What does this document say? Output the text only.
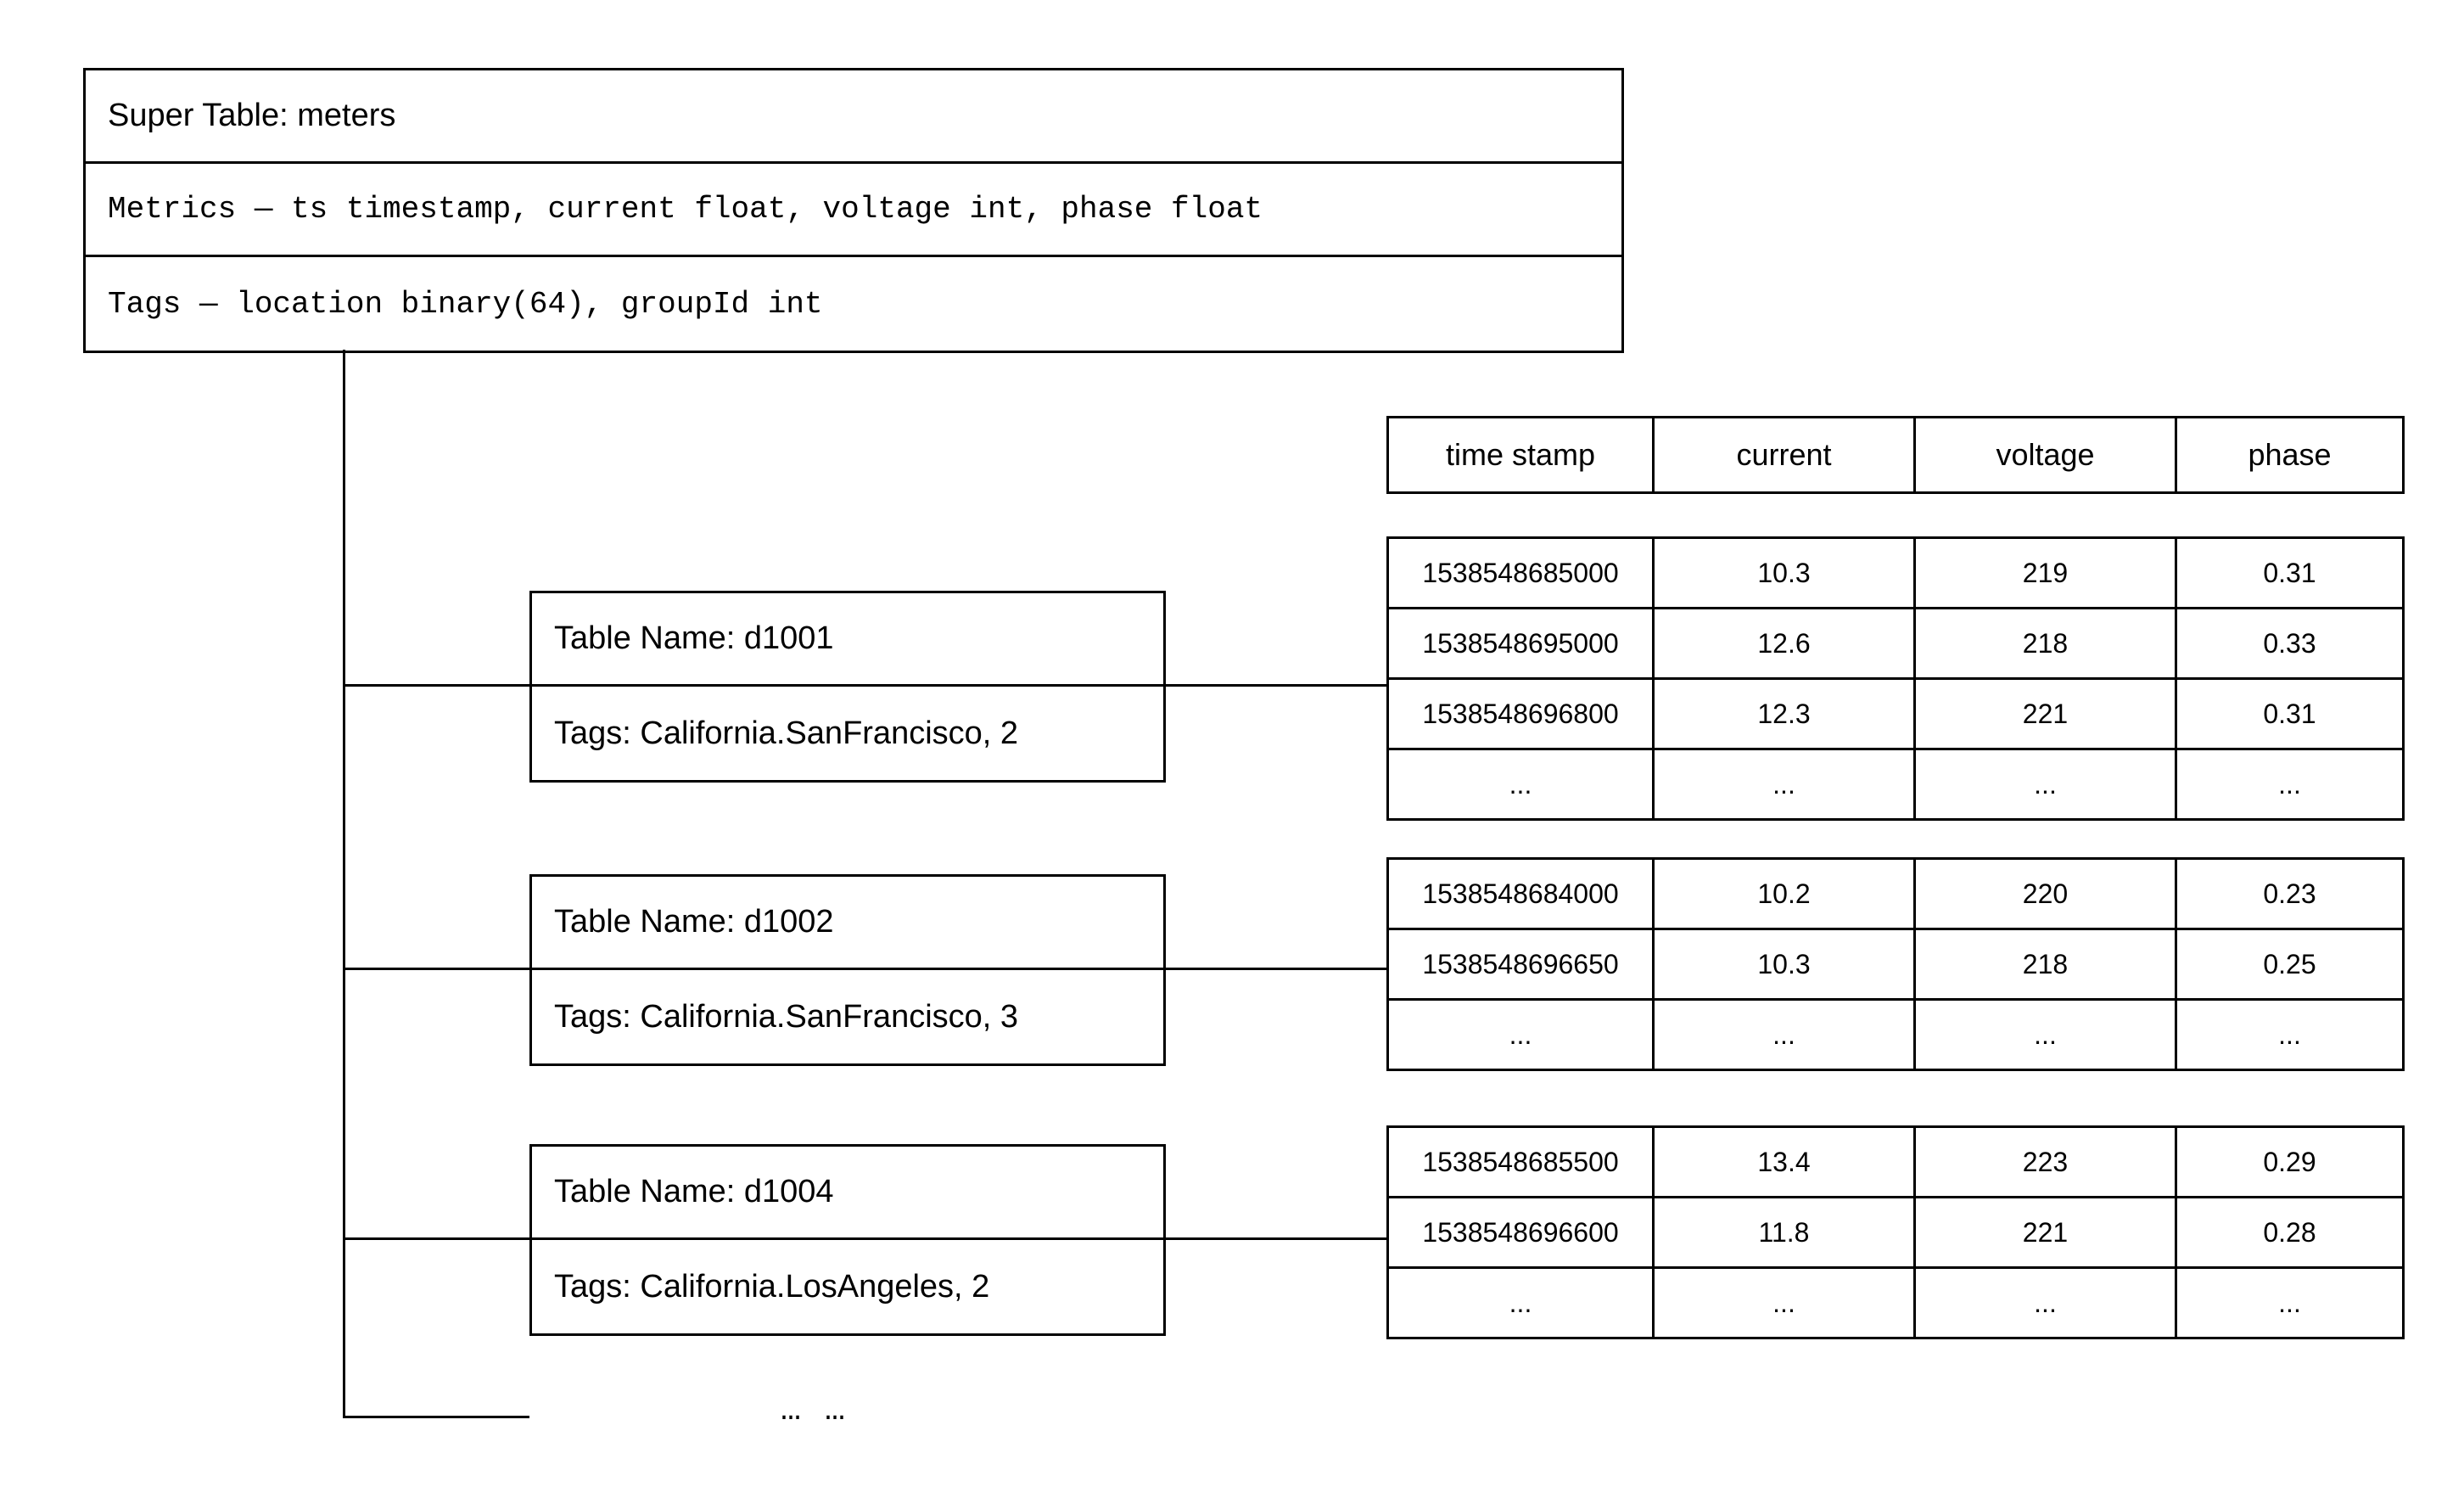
Super Table: meters
Metrics — ts timestamp, current float, voltage int, phase float
Tags — location binary(64), groupId int
Table Name: d1001
Tags: California.SanFrancisco, 2
Table Name: d1002
Tags: California.SanFrancisco, 3
Table Name: d1004
Tags: California.LosAngeles, 2
time stamp	current	voltage	phase
1538548685000	10.3	219	0.31
1538548695000	12.6	218	0.33
1538548696800	12.3	221	0.31
...	...	...	...
1538548684000	10.2	220	0.23
1538548696650	10.3	218	0.25
...	...	...	...
1538548685500	13.4	223	0.29
1538548696600	11.8	221	0.28
...	...	...	...
… …
